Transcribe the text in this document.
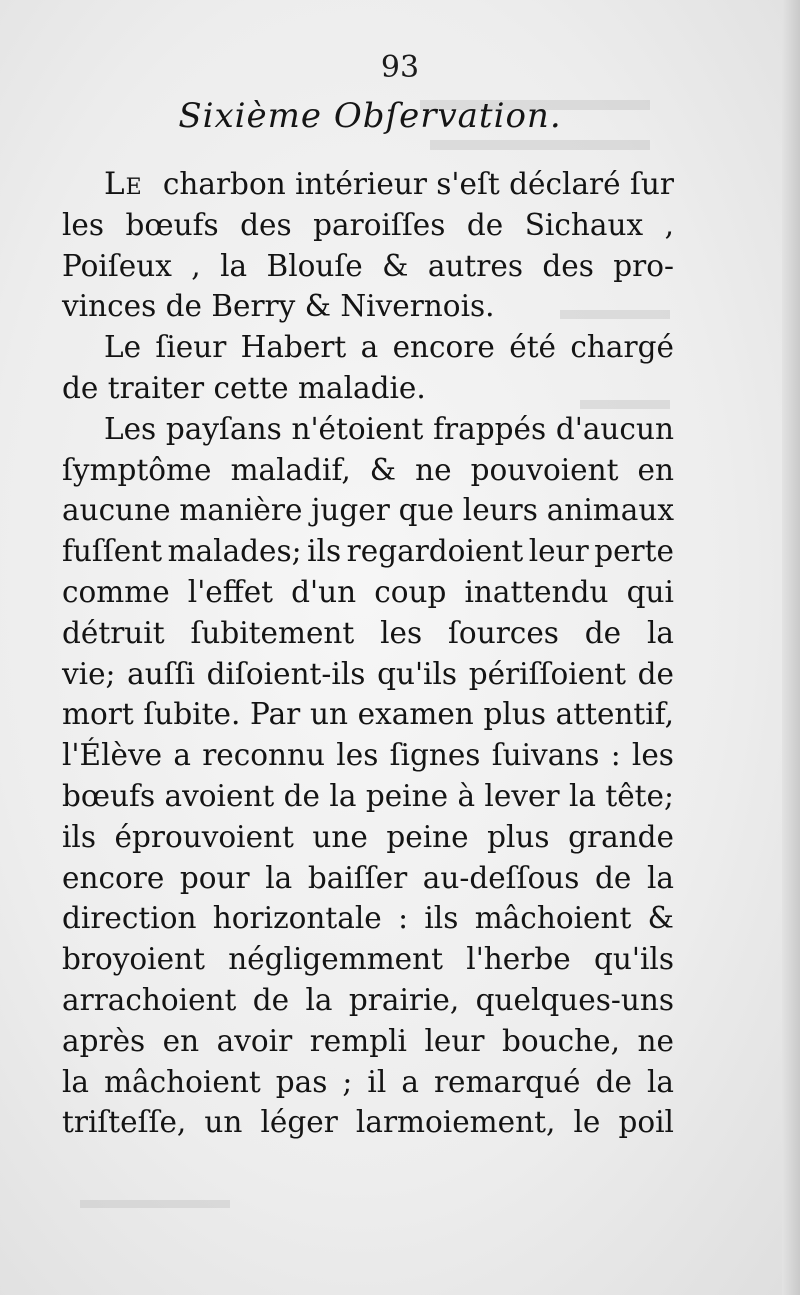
93
Sixième Obſervation.
LE charbon intérieur s'eſt déclaré ſur
les bœufs des paroiſſes de Sichaux ,
Poiſeux , la Blouſe & autres des pro-
vinces de Berry & Nivernois.
Le ſieur Habert a encore été chargé
de traiter cette maladie.
Les payſans n'étoient frappés d'aucun
ſymptôme maladif, & ne pouvoient en
aucune manière juger que leurs animaux
fuſſent malades; ils regardoient leur perte
comme l'effet d'un coup inattendu qui
détruit ſubitement les ſources de la
vie; auſſi diſoient-ils qu'ils périſſoient de
mort ſubite. Par un examen plus attentif,
l'Élève a reconnu les ſignes ſuivans : les
bœufs avoient de la peine à lever la tête;
ils éprouvoient une peine plus grande
encore pour la baiſſer au-deſſous de la
direction horizontale : ils mâchoient &
broyoient négligemment l'herbe qu'ils
arrachoient de la prairie, quelques-uns
après en avoir rempli leur bouche, ne
la mâchoient pas ; il a remarqué de la
triſteſſe, un léger larmoiement, le poil
